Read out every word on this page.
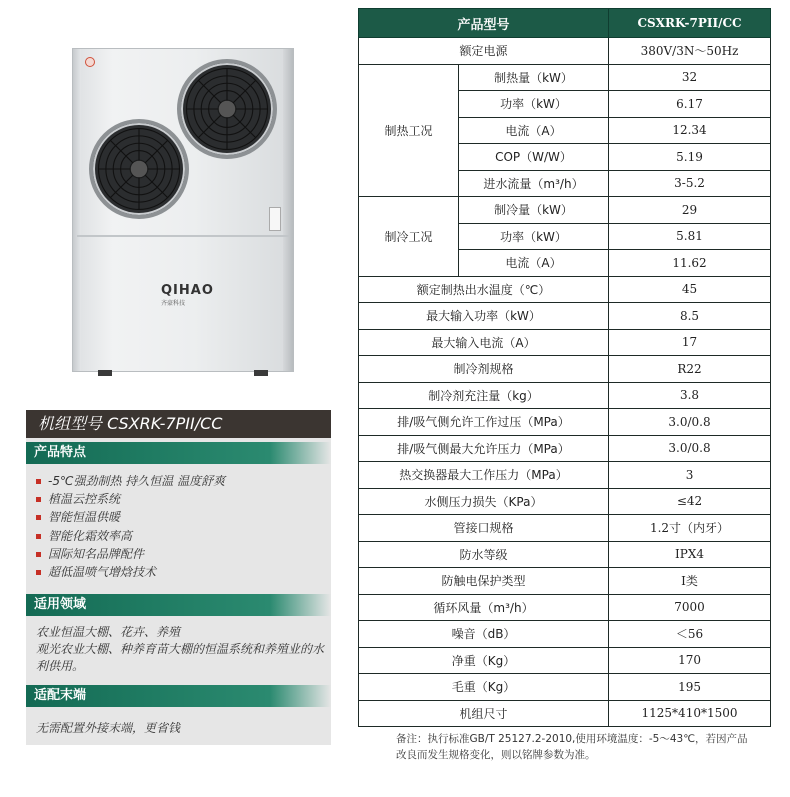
QIHAO
齐豪科技
机组型号 CSXRK-7PII/CC
产品特点
-5℃强劲制热 持久恒温 温度舒爽
植温云控系统
智能恒温供暖
智能化霜效率高
国际知名品牌配件
超低温喷气增焓技术
适用领域
农业恒温大棚、花卉、养殖
观光农业大棚、种养育苗大棚的恒温系统和养殖业的水利供用。
适配末端
无需配置外接末端，更省钱
产品型号		CSXRK-7PII/CC
额定电源		380V/3N～50Hz
制热工况	制热量（kW）	32
	功率（kW）	6.17
	电流（A）	12.34
	COP（W/W）	5.19
	进水流量（m³/h）	3-5.2
制冷工况	制冷量（kW）	29
	功率（kW）	5.81
	电流（A）	11.62
额定制热出水温度（℃）		45
最大输入功率（kW）		8.5
最大输入电流（A）		17
制冷剂规格		R22
制冷剂充注量（kg）		3.8
排/吸气侧允许工作过压（MPa）		3.0/0.8
排/吸气侧最大允许压力（MPa）		3.0/0.8
热交换器最大工作压力（MPa）		3
水侧压力损失（KPa）		≤42
管接口规格		1.2寸（内牙）
防水等级		IPX4
防触电保护类型		I类
循环风量（m³/h）		7000
噪音（dB）		＜56
净重（Kg）		170
毛重（Kg）		195
机组尺寸		1125*410*1500
备注：执行标准GB/T 25127.2-2010,使用环境温度：-5～43℃，若因产品改良而发生规格变化，则以铭牌参数为准。
